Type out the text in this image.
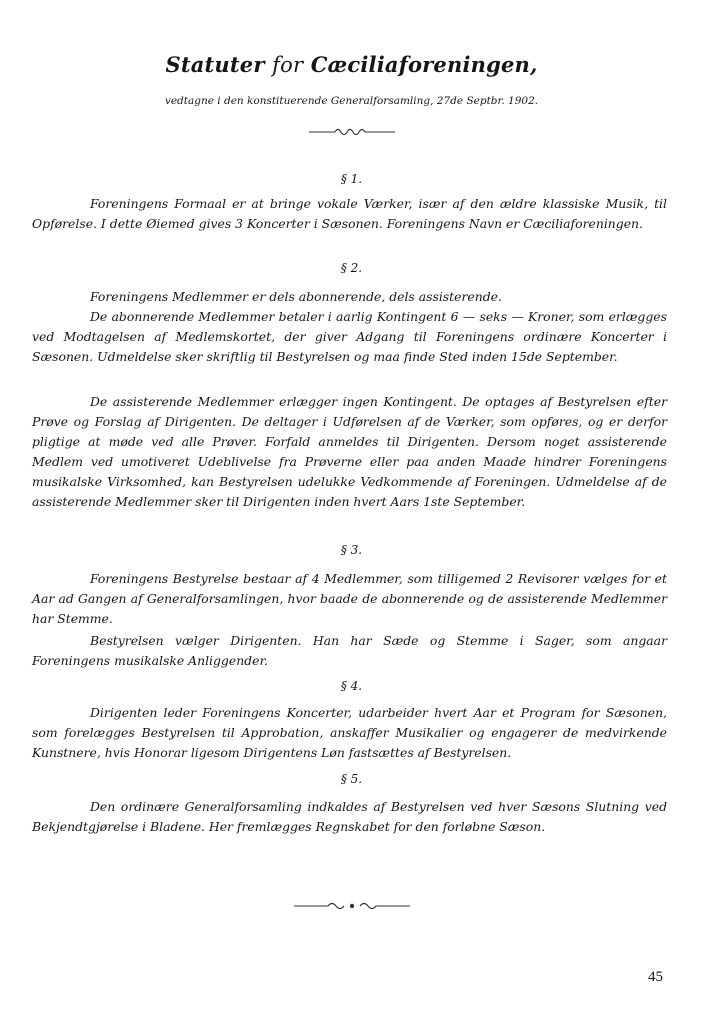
Statuter for Cæciliaforeningen,
vedtagne i den konstituerende Generalforsamling, 27de Septbr. 1902.
§ 1.
Foreningens Formaal er at bringe vokale Værker, især af den ældre klassiske Musik, til Opførelse. I dette Øiemed gives 3 Koncerter i Sæsonen. Foreningens Navn er Cæciliaforeningen.
§ 2.
Foreningens Medlemmer er dels abonnerende, dels assisterende.
De abonnerende Medlemmer betaler i aarlig Kontingent 6 — seks — Kroner, som erlægges ved Modtagelsen af Medlemskortet, der giver Adgang til Foreningens ordinære Koncerter i Sæsonen. Udmeldelse sker skriftlig til Bestyrelsen og maa finde Sted inden 15de September.
De assisterende Medlemmer erlægger ingen Kontingent. De optages af Bestyrelsen efter Prøve og Forslag af Dirigenten. De deltager i Udførelsen af de Værker, som opføres, og er derfor pligtige at møde ved alle Prøver. Forfald anmeldes til Dirigenten. Dersom noget assisterende Medlem ved umotiveret Udeblivelse fra Prøverne eller paa anden Maade hindrer Foreningens musikalske Virksomhed, kan Bestyrelsen udelukke Vedkommende af Foreningen. Udmeldelse af de assisterende Medlemmer sker til Dirigenten inden hvert Aars 1ste September.
§ 3.
Foreningens Bestyrelse bestaar af 4 Medlemmer, som tilligemed 2 Revisorer vælges for et Aar ad Gangen af Generalforsamlingen, hvor baade de abonnerende og de assisterende Medlemmer har Stemme.
Bestyrelsen vælger Dirigenten. Han har Sæde og Stemme i Sager, som angaar Foreningens musikalske Anliggender.
§ 4.
Dirigenten leder Foreningens Koncerter, udarbeider hvert Aar et Program for Sæsonen, som forelægges Bestyrelsen til Approbation, anskaffer Musikalier og engagerer de medvirkende Kunstnere, hvis Honorar ligesom Dirigentens Løn fastsættes af Bestyrelsen.
§ 5.
Den ordinære Generalforsamling indkaldes af Bestyrelsen ved hver Sæsons Slutning ved Bekjendtgjørelse i Bladene. Her fremlægges Regnskabet for den forløbne Sæson.
45
